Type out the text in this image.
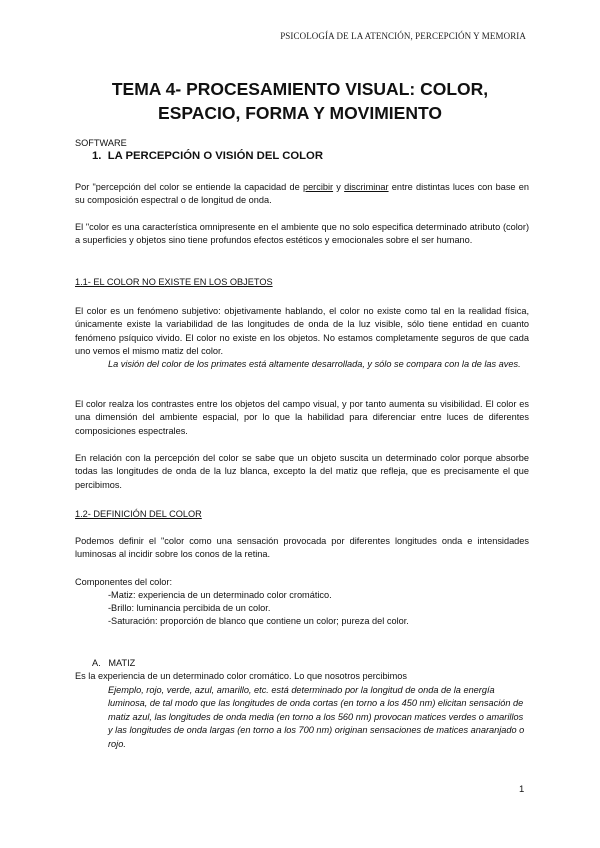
PSICOLOGÍA DE LA ATENCIÓN, PERCEPCIÓN Y MEMORIA
TEMA 4- PROCESAMIENTO VISUAL: COLOR,
ESPACIO, FORMA Y MOVIMIENTO
SOFTWARE
1. LA PERCEPCIÓN O VISIÓN DEL COLOR
Por "percepción del color se entiende la capacidad de percibir y discriminar entre distintas luces con base en su composición espectral o de longitud de onda.
El "color es una característica omnipresente en el ambiente que no solo especifica determinado atributo (color) a superficies y objetos sino tiene profundos efectos estéticos y emocionales sobre el ser humano.
1.1- EL COLOR NO EXISTE EN LOS OBJETOS
El color es un fenómeno subjetivo: objetivamente hablando, el color no existe como tal en la realidad física, únicamente existe la variabilidad de las longitudes de onda de la luz visible, sólo tiene entidad en cuanto fenómeno psíquico vivido. El color no existe en los objetos. No estamos completamente seguros de que cada uno vemos el mismo matiz del color.
La visión del color de los primates está altamente desarrollada, y sólo se compara con la de las aves.
El color realza los contrastes entre los objetos del campo visual, y por tanto aumenta su visibilidad. El color es una dimensión del ambiente espacial, por lo que la habilidad para diferenciar entre luces de diferentes composiciones espectrales.
En relación con la percepción del color se sabe que un objeto suscita un determinado color porque absorbe todas las longitudes de onda de la luz blanca, excepto la del matiz que refleja, que es precisamente el que percibimos.
1.2- DEFINICIÓN DEL COLOR
Podemos definir el "color como una sensación provocada por diferentes longitudes onda e intensidades luminosas al incidir sobre los conos de la retina.
Componentes del color:
-Matiz: experiencia de un determinado color cromático.
-Brillo: luminancia percibida de un color.
-Saturación: proporción de blanco que contiene un color; pureza del color.
A. MATIZ
Es la experiencia de un determinado color cromático. Lo que nosotros percibimos
Ejemplo, rojo, verde, azul, amarillo, etc. está determinado por la longitud de onda de la energía luminosa, de tal modo que las longitudes de onda cortas (en torno a los 450 nm) elicitan sensación de matiz azul, las longitudes de onda media (en torno a los 560 nm) provocan matices verdes o amarillos y las longitudes de onda largas (en torno a los 700 nm) originan sensaciones de matices anaranjado o rojo.
1
